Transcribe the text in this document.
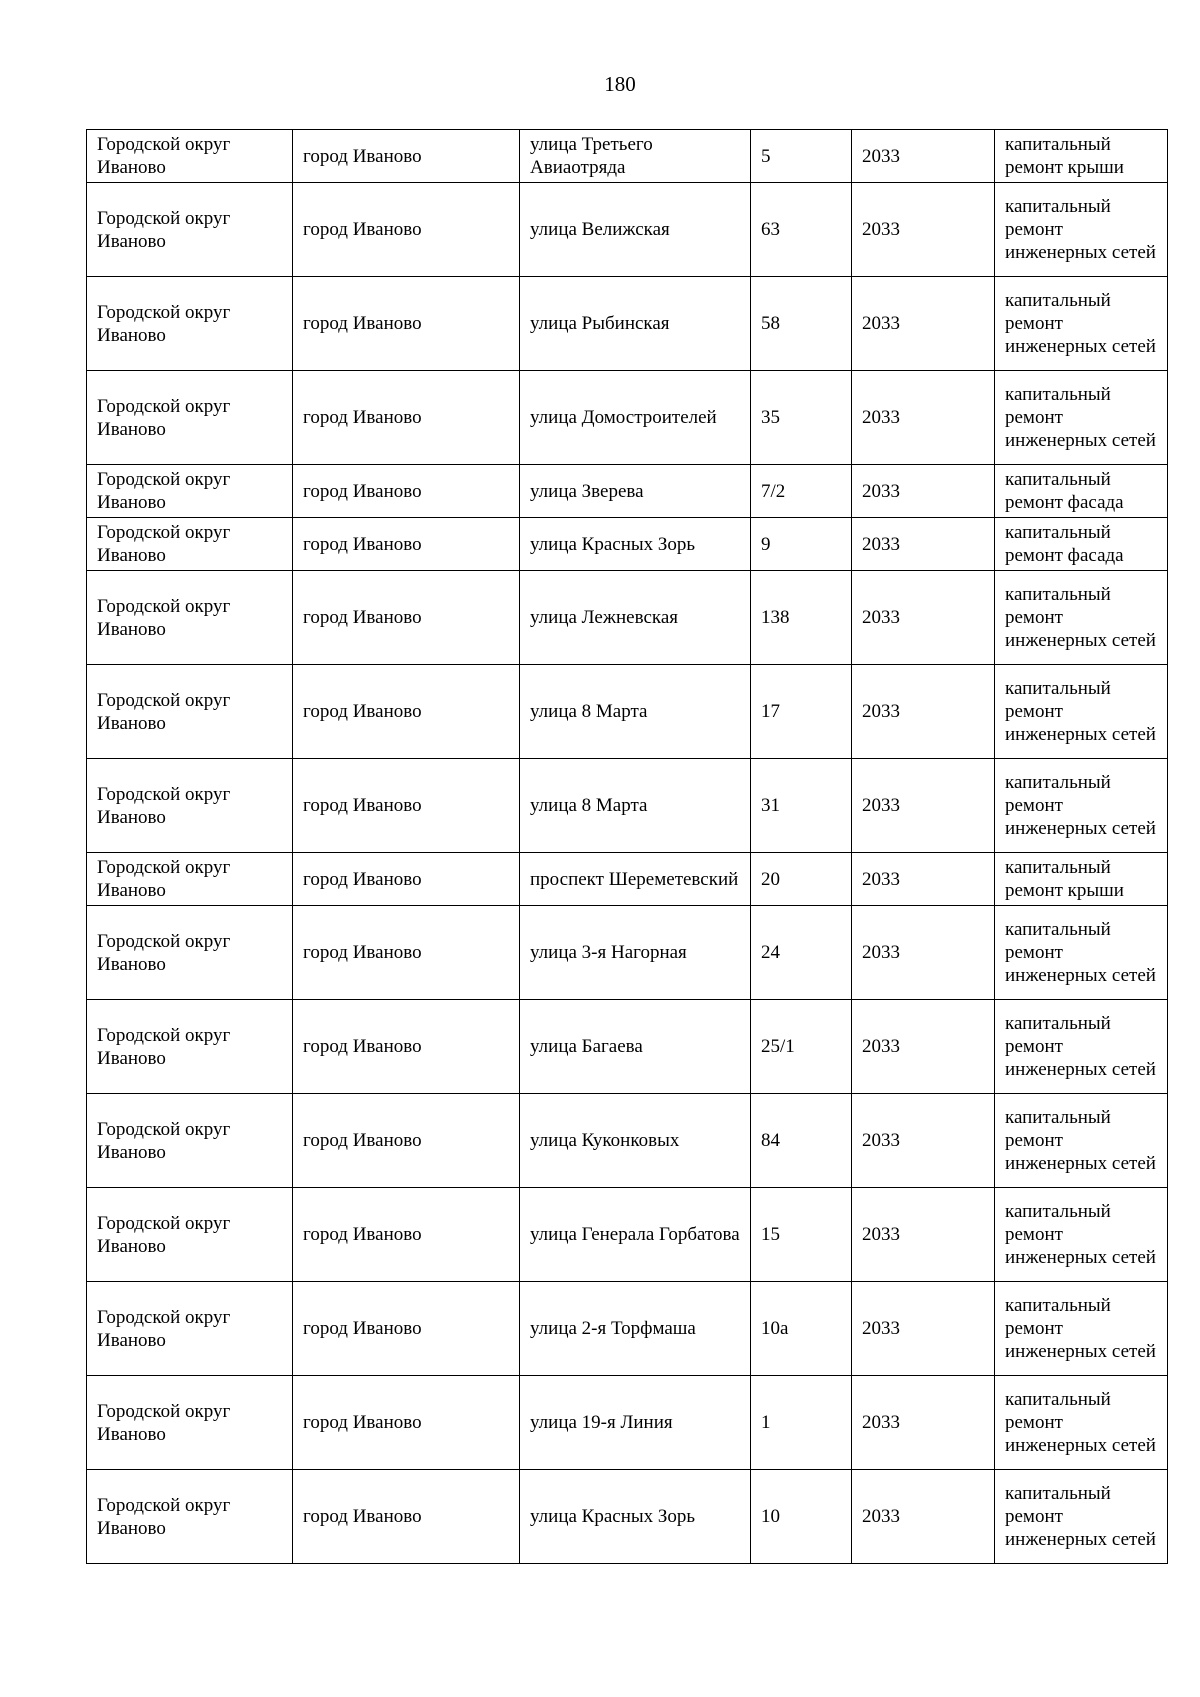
180
Городской округ Иваново	город Иваново	улица Третьего Авиаотряда	5	2033	капитальный ремонт крыши
Городской округ Иваново	город Иваново	улица Велижская	63	2033	капитальный ремонт инженерных сетей
Городской округ Иваново	город Иваново	улица Рыбинская	58	2033	капитальный ремонт инженерных сетей
Городской округ Иваново	город Иваново	улица Домостроителей	35	2033	капитальный ремонт инженерных сетей
Городской округ Иваново	город Иваново	улица Зверева	7/2	2033	капитальный ремонт фасада
Городской округ Иваново	город Иваново	улица Красных Зорь	9	2033	капитальный ремонт фасада
Городской округ Иваново	город Иваново	улица Лежневская	138	2033	капитальный ремонт инженерных сетей
Городской округ Иваново	город Иваново	улица 8 Марта	17	2033	капитальный ремонт инженерных сетей
Городской округ Иваново	город Иваново	улица 8 Марта	31	2033	капитальный ремонт инженерных сетей
Городской округ Иваново	город Иваново	проспект Шереметевский	20	2033	капитальный ремонт крыши
Городской округ Иваново	город Иваново	улица 3-я Нагорная	24	2033	капитальный ремонт инженерных сетей
Городской округ Иваново	город Иваново	улица Багаева	25/1	2033	капитальный ремонт инженерных сетей
Городской округ Иваново	город Иваново	улица Куконковых	84	2033	капитальный ремонт инженерных сетей
Городской округ Иваново	город Иваново	улица Генерала Горбатова	15	2033	капитальный ремонт инженерных сетей
Городской округ Иваново	город Иваново	улица 2-я Торфмаша	10а	2033	капитальный ремонт инженерных сетей
Городской округ Иваново	город Иваново	улица 19-я Линия	1	2033	капитальный ремонт инженерных сетей
Городской округ Иваново	город Иваново	улица Красных Зорь	10	2033	капитальный ремонт инженерных сетей
